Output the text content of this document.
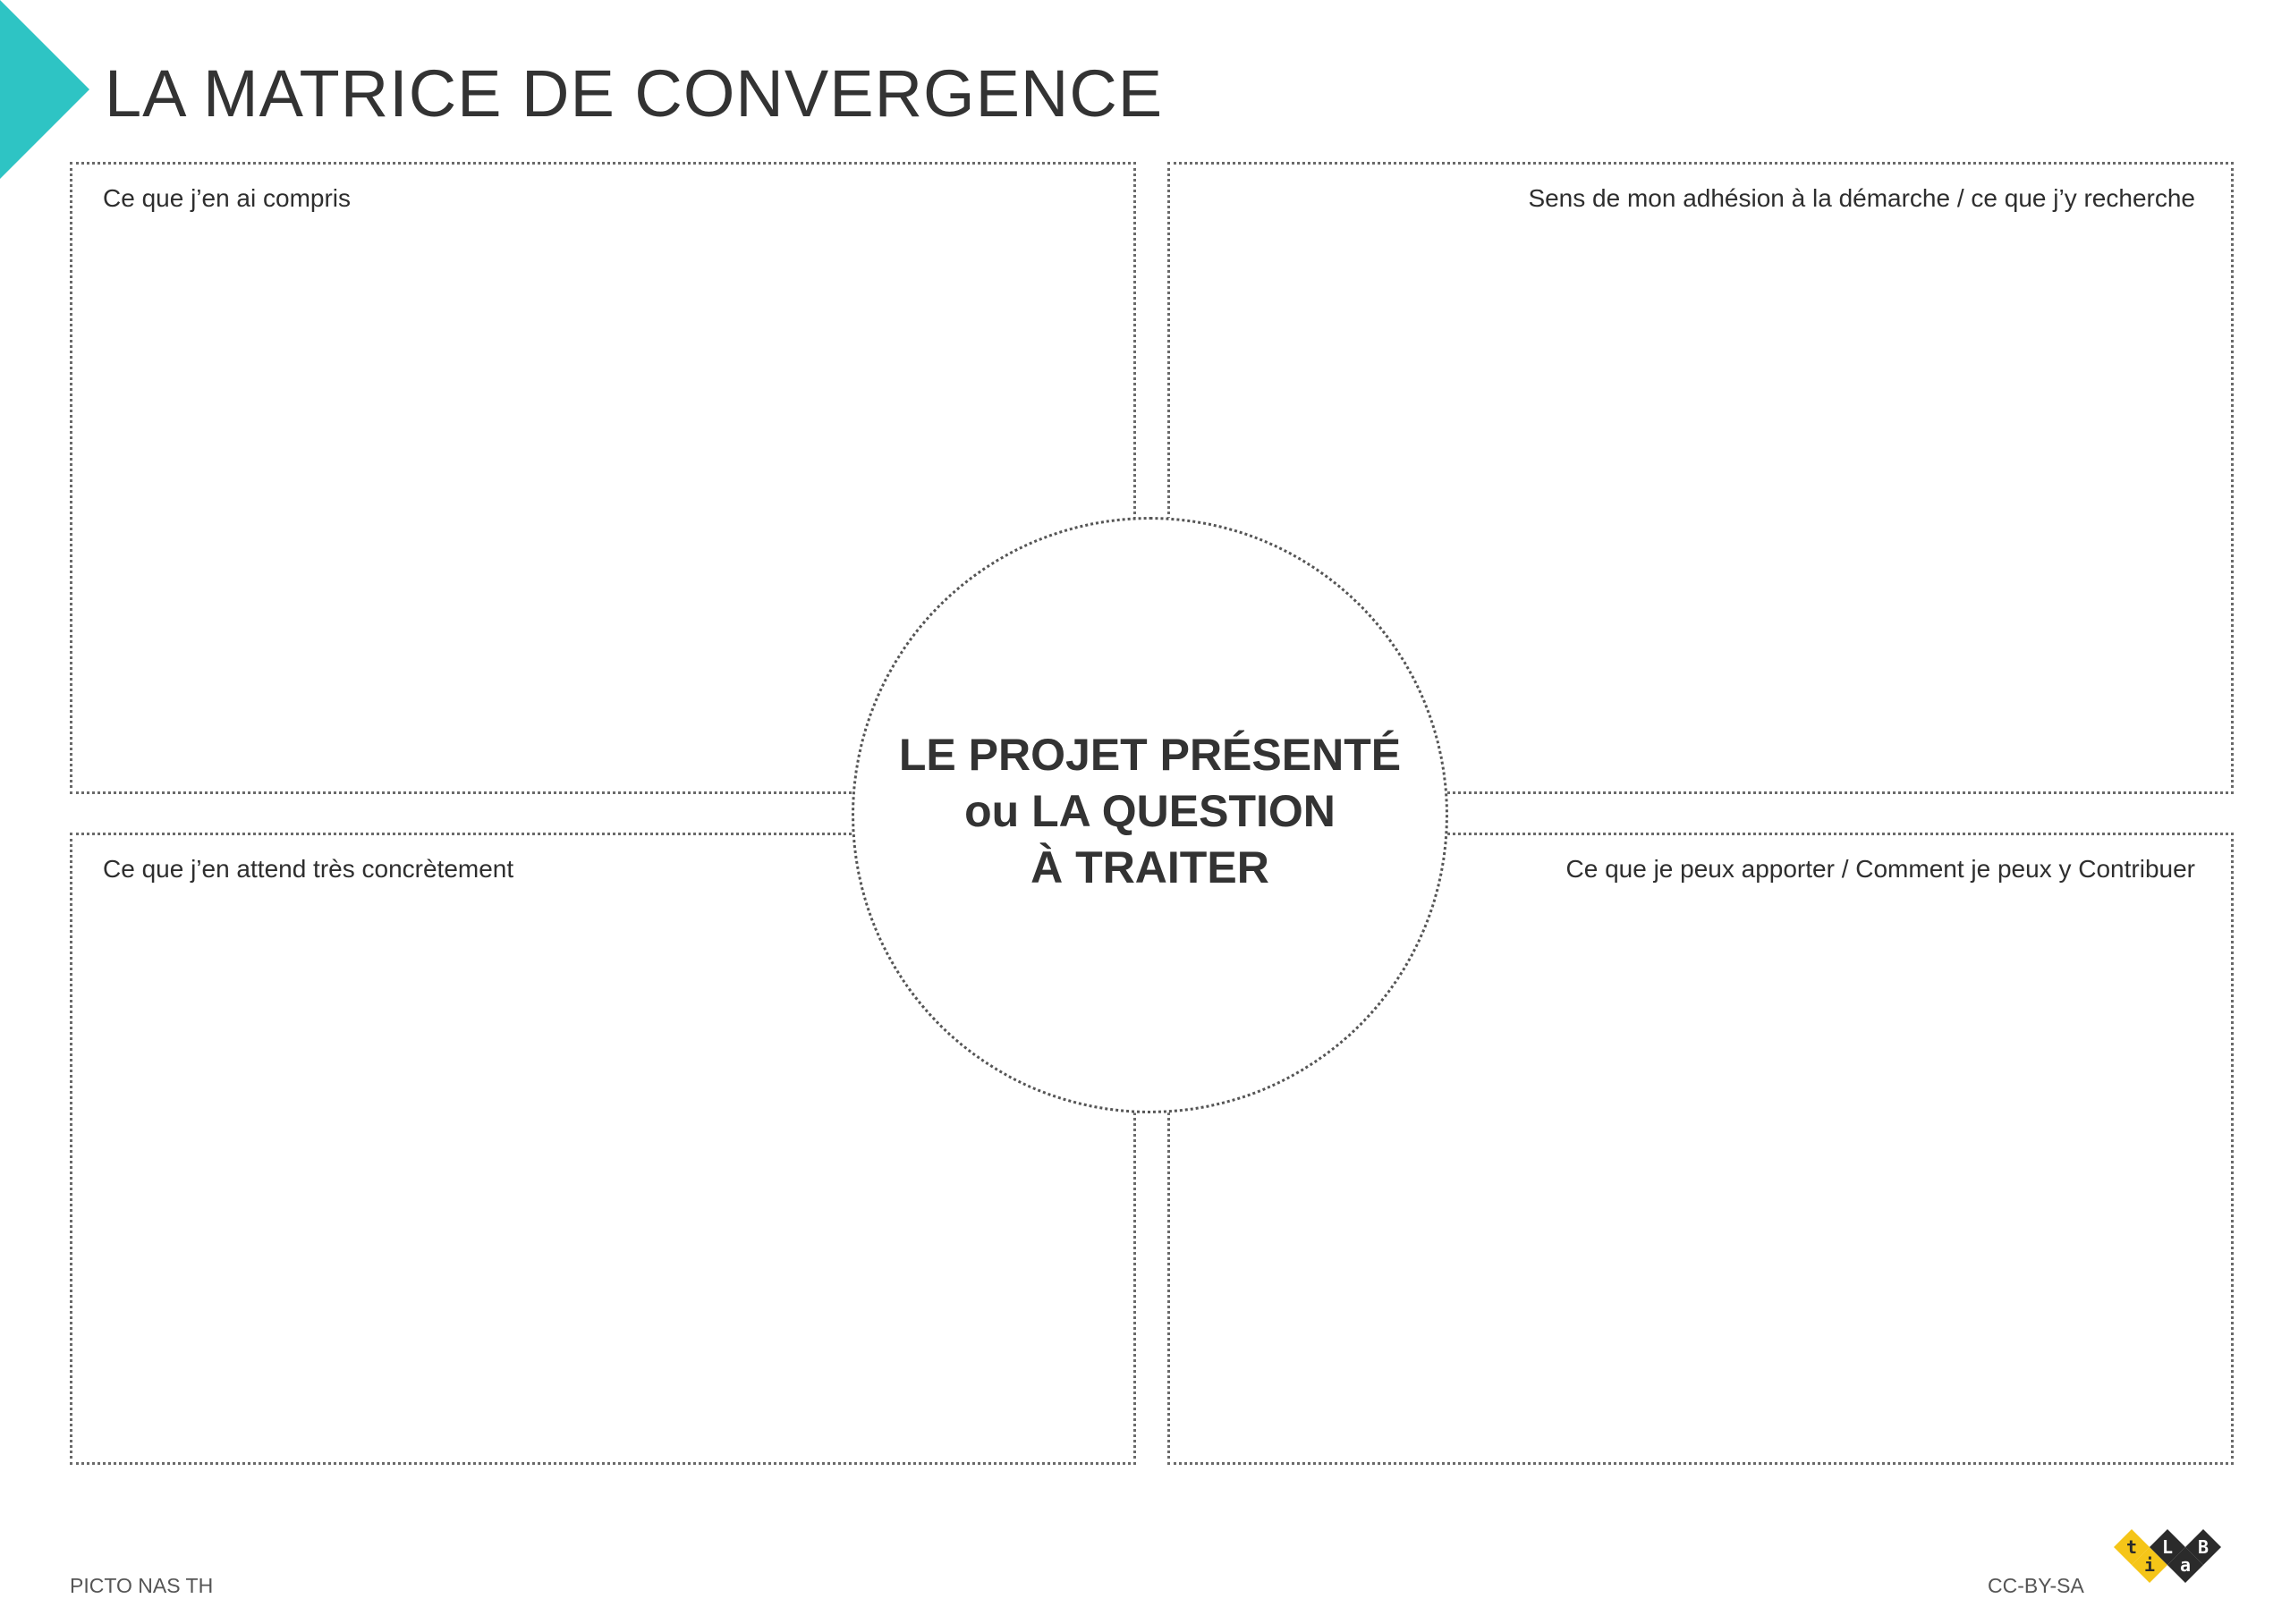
LA MATRICE DE CONVERGENCE
Ce que j’en ai compris	Sens de mon adhésion à la démarche / ce que j’y recherche
Ce que j’en attend très concrètement	Ce que je peux apporter / Comment je peux y Contribuer
LE PROJET PRÉSENTÉ
ou LA QUESTION
À TRAITER
PICTO NAS TH	CC-BY-SA
t
i
L
a
B
